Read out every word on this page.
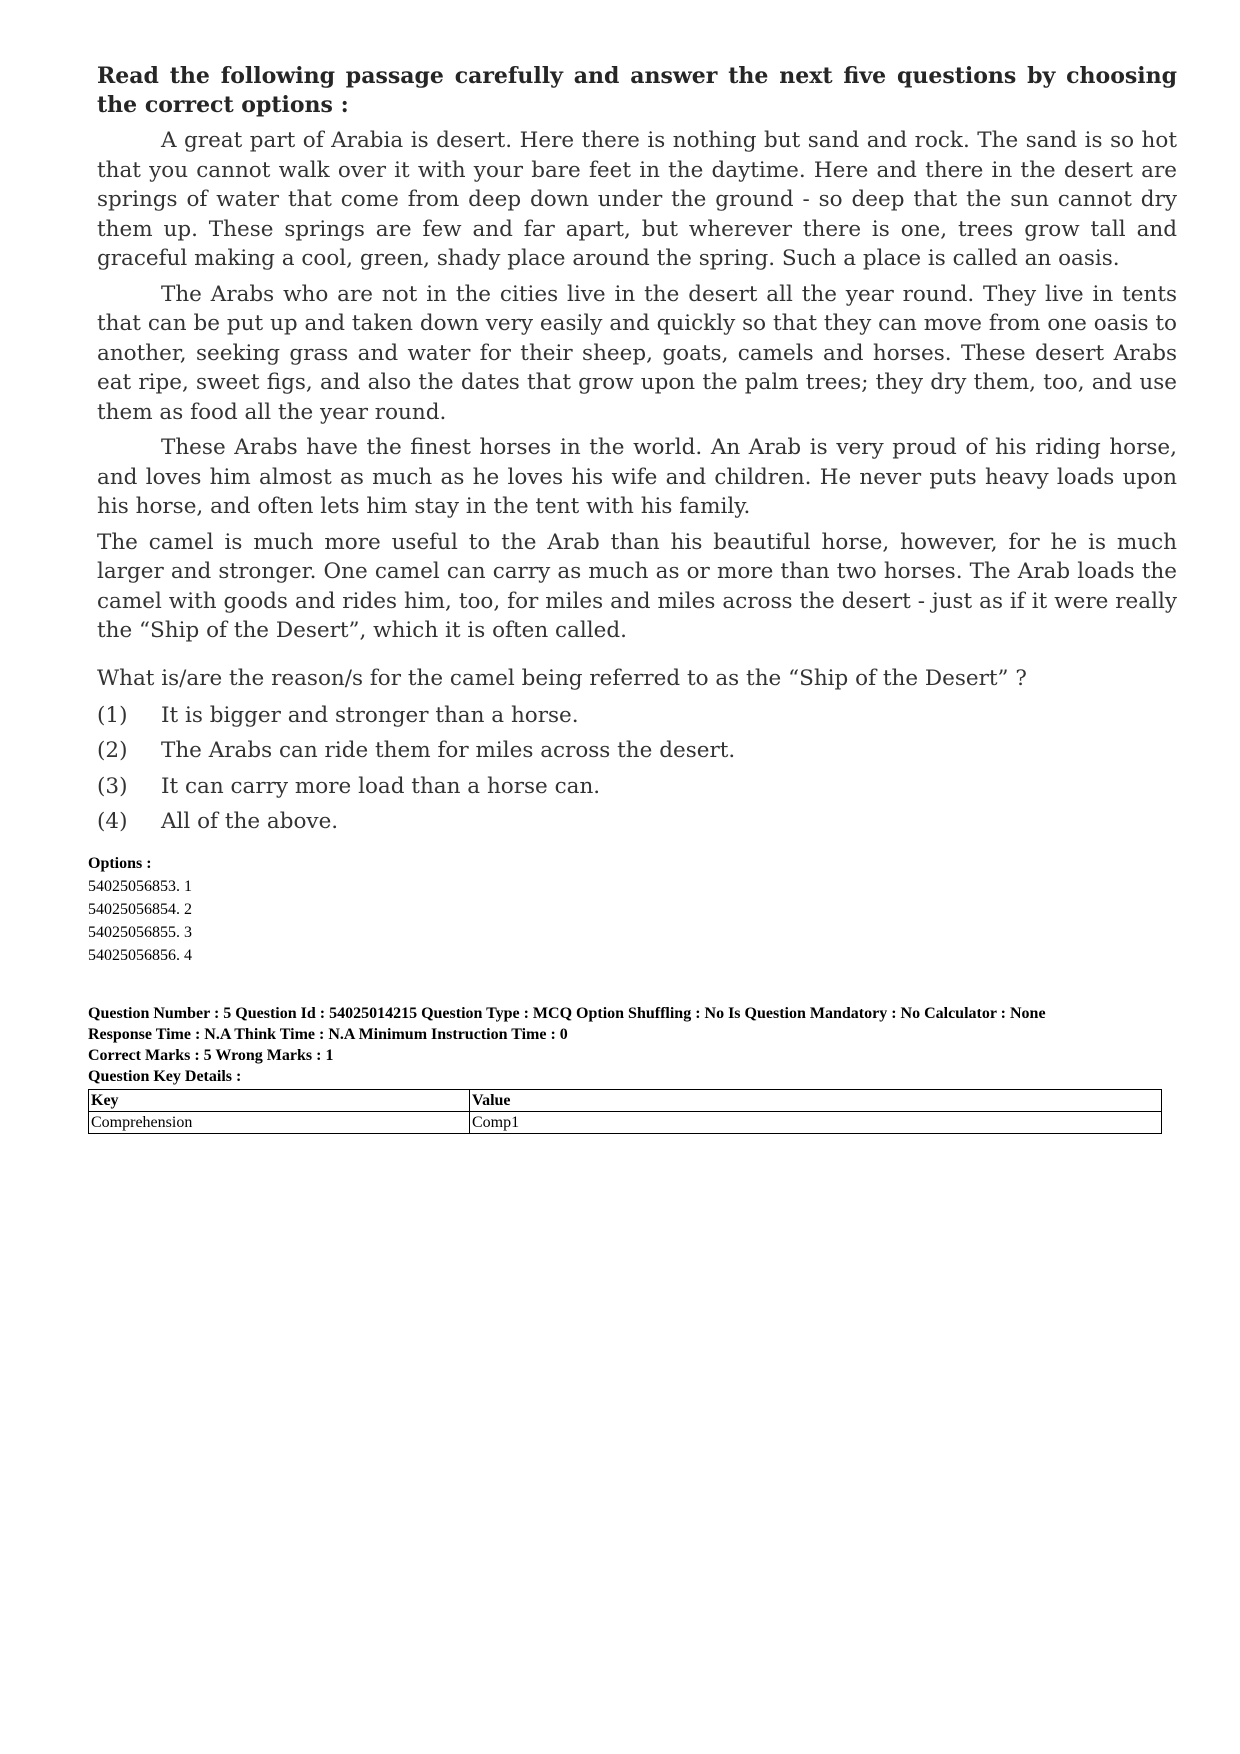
Read the following passage carefully and answer the next five questions by choosing the correct options :

A great part of Arabia is desert. Here there is nothing but sand and rock. The sand is so hot that you cannot walk over it with your bare feet in the daytime. Here and there in the desert are springs of water that come from deep down under the ground - so deep that the sun cannot dry them up. These springs are few and far apart, but wherever there is one, trees grow tall and graceful making a cool, green, shady place around the spring. Such a place is called an oasis.

The Arabs who are not in the cities live in the desert all the year round. They live in tents that can be put up and taken down very easily and quickly so that they can move from one oasis to another, seeking grass and water for their sheep, goats, camels and horses. These desert Arabs eat ripe, sweet figs, and also the dates that grow upon the palm trees; they dry them, too, and use them as food all the year round.

These Arabs have the finest horses in the world. An Arab is very proud of his riding horse, and loves him almost as much as he loves his wife and children. He never puts heavy loads upon his horse, and often lets him stay in the tent with his family.

The camel is much more useful to the Arab than his beautiful horse, however, for he is much larger and stronger. One camel can carry as much as or more than two horses. The Arab loads the camel with goods and rides him, too, for miles and miles across the desert - just as if it were really the “Ship of the Desert”, which it is often called.

What is/are the reason/s for the camel being referred to as the “Ship of the Desert” ?
(1)	It is bigger and stronger than a horse.
(2)	The Arabs can ride them for miles across the desert.
(3)	It can carry more load than a horse can.
(4)	All of the above.
Options :
54025056853. 1
54025056854. 2
54025056855. 3
54025056856. 4
Question Number : 5 Question Id : 54025014215 Question Type : MCQ Option Shuffling : No Is Question Mandatory : No Calculator : None
Response Time : N.A Think Time : N.A Minimum Instruction Time : 0
Correct Marks : 5 Wrong Marks : 1
Question Key Details :
Key	Value
Comprehension	Comp1
